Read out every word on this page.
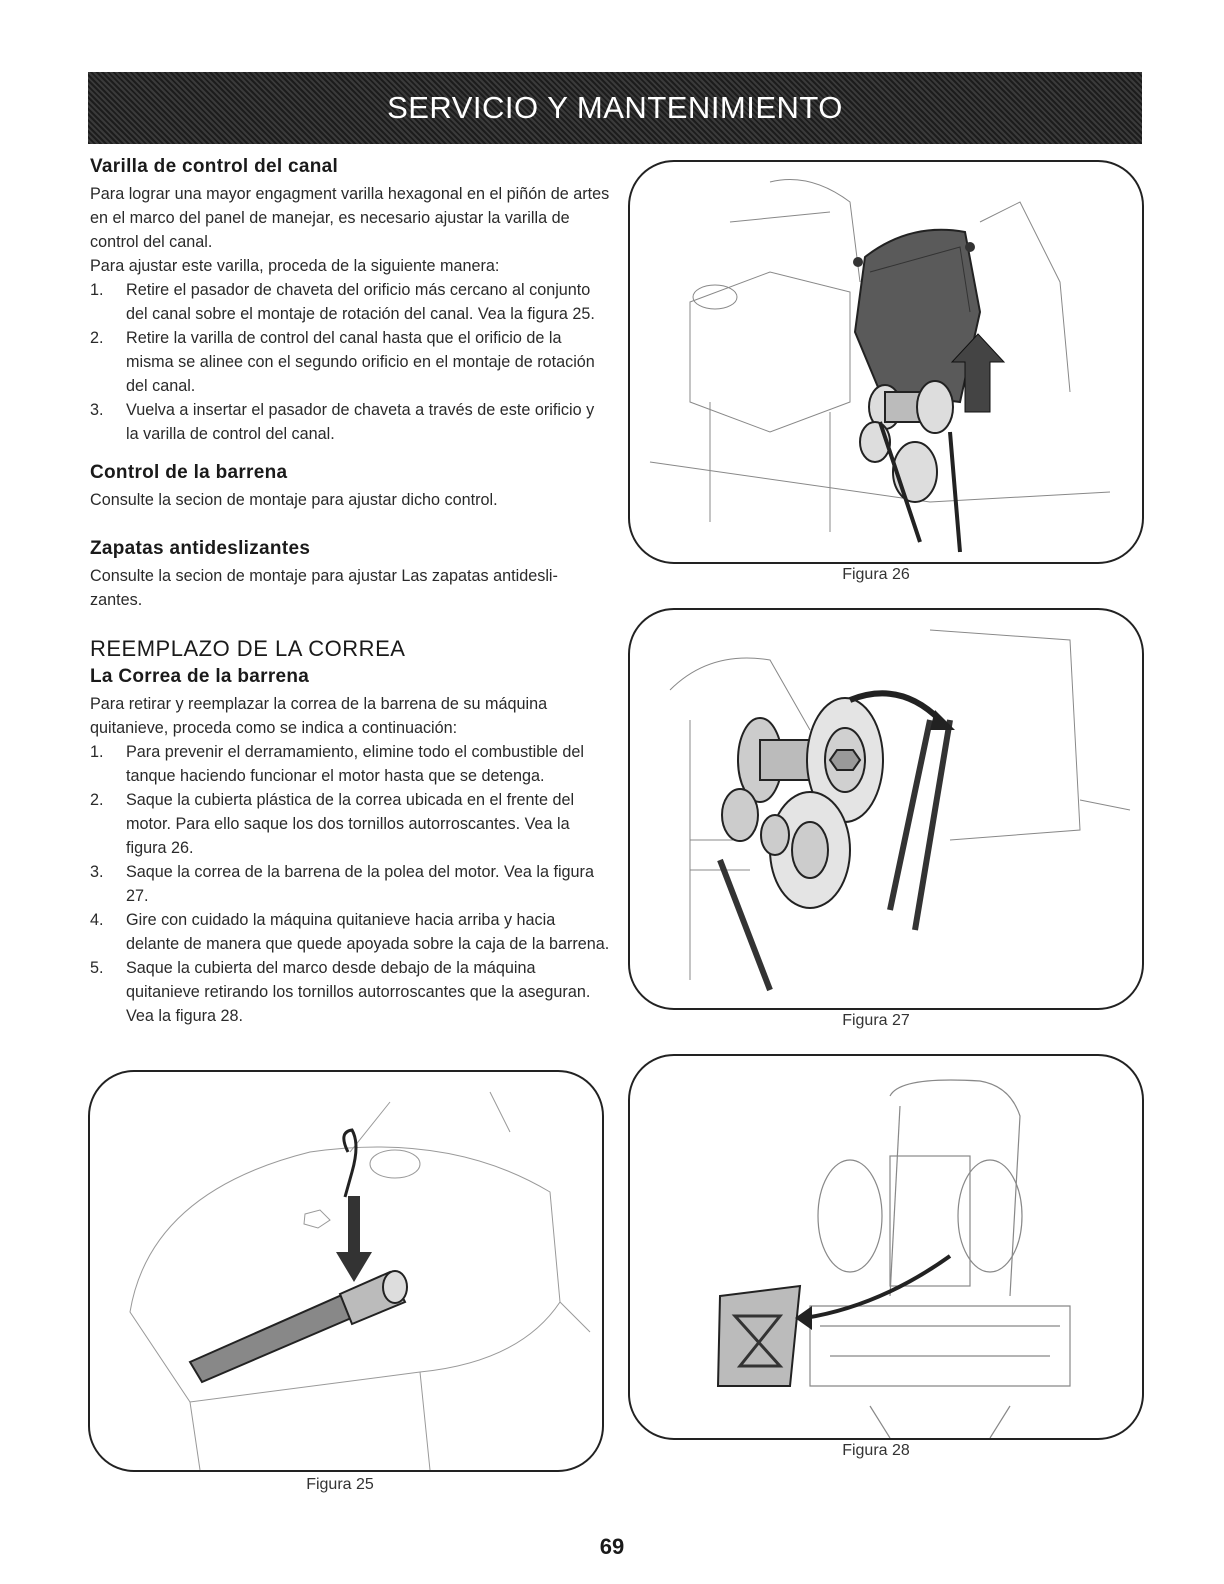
SERVICIO Y MANTENIMIENTO
Varilla de control del canal

Para lograr una mayor engagment varilla hexagonal en el piñón de artes en el marco del panel de manejar, es necesario ajustar la varilla de control del canal.

Para ajustar este varilla, proceda de la siguiente manera:

1. Retire el pasador de chaveta del orificio más cercano al conjunto del canal sobre el montaje de rotación del canal. Vea la figura 25.
2. Retire la varilla de control del canal hasta que el orificio de la misma se alinee con el segundo orificio en el montaje de rotación del canal.
3. Vuelva a insertar el pasador de chaveta a través de este orificio y la varilla de control del canal.
Control de la barrena

Consulte la secion de montaje para ajustar dicho control.

Zapatas antideslizantes

Consulte la secion de montaje para ajustar Las zapatas antidesli-zantes.

REEMPLAZO DE LA CORREA
La Correa de la barrena

Para retirar y reemplazar la correa de la barrena de su máquina quitanieve, proceda como se indica a continuación:

1. Para prevenir el derramamiento, elimine todo el combustible del tanque haciendo funcionar el motor hasta que se detenga.
2. Saque la cubierta plástica de la correa ubicada en el frente del motor. Para ello saque los dos tornillos autorroscantes. Vea la figura 26.
3. Saque la correa de la barrena de la polea del motor. Vea la figura 27.
4. Gire con cuidado la máquina quitanieve hacia arriba y hacia delante de manera que quede apoyada sobre la caja de la barrena.
5. Saque la cubierta del marco desde debajo de la máquina quitanieve retirando los tornillos autorroscantes que la aseguran. Vea la figura 28.
Figura 26
Figura 27
Figura 25
Figura 28
69
